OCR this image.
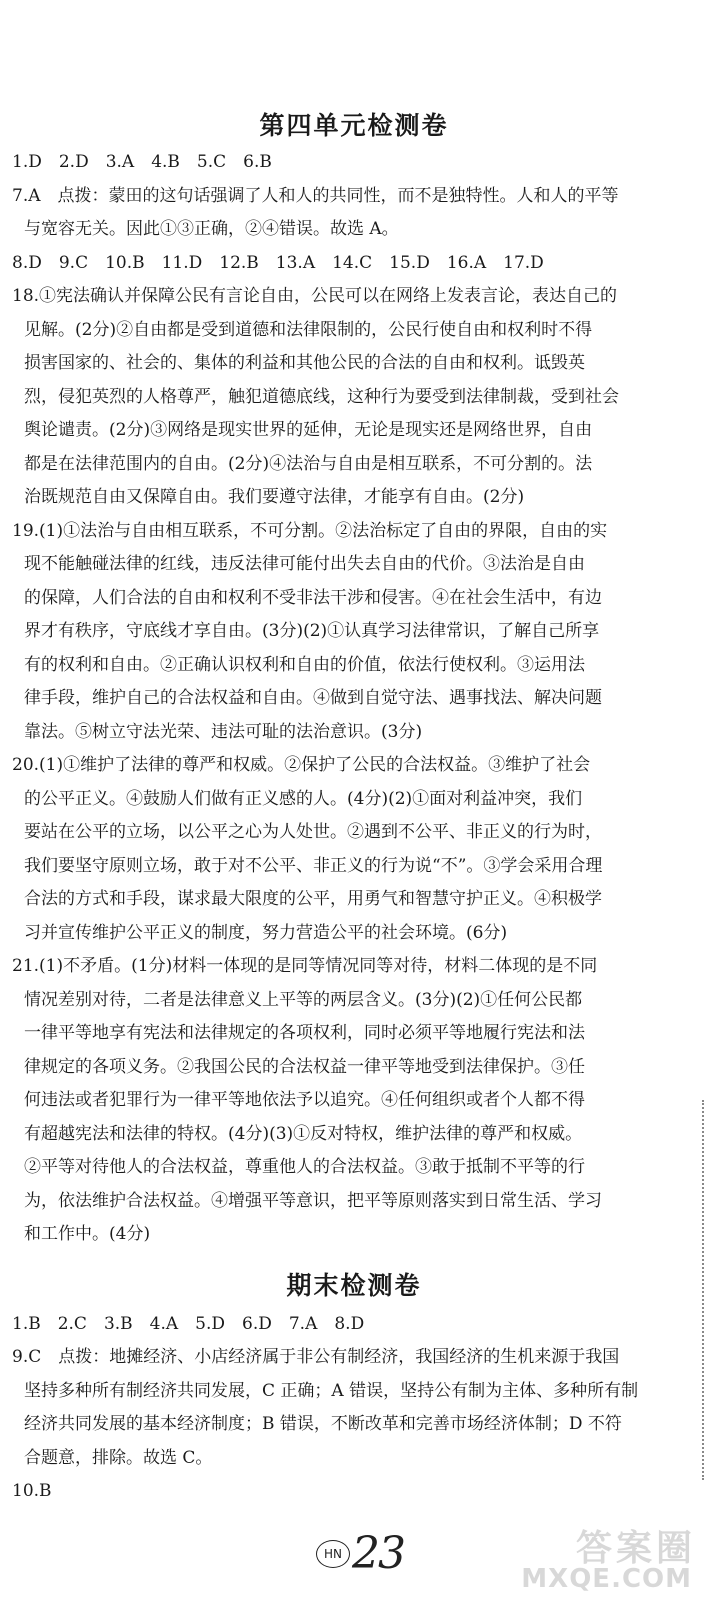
第四单元检测卷
1.D　2.D　3.A　4.B　5.C　6.B
7.A　点拨：蒙田的这句话强调了人和人的共同性，而不是独特性。人和人的平等
与宽容无关。因此①③正确，②④错误。故选 A。
8.D　9.C　10.B　11.D　12.B　13.A　14.C　15.D　16.A　17.D
18.①宪法确认并保障公民有言论自由，公民可以在网络上发表言论，表达自己的
见解。(2分)②自由都是受到道德和法律限制的，公民行使自由和权利时不得
损害国家的、社会的、集体的利益和其他公民的合法的自由和权利。诋毁英
烈，侵犯英烈的人格尊严，触犯道德底线，这种行为要受到法律制裁，受到社会
舆论谴责。(2分)③网络是现实世界的延伸，无论是现实还是网络世界，自由
都是在法律范围内的自由。(2分)④法治与自由是相互联系，不可分割的。法
治既规范自由又保障自由。我们要遵守法律，才能享有自由。(2分)
19.(1)①法治与自由相互联系，不可分割。②法治标定了自由的界限，自由的实
现不能触碰法律的红线，违反法律可能付出失去自由的代价。③法治是自由
的保障，人们合法的自由和权利不受非法干涉和侵害。④在社会生活中，有边
界才有秩序，守底线才享自由。(3分)(2)①认真学习法律常识，了解自己所享
有的权利和自由。②正确认识权利和自由的价值，依法行使权利。③运用法
律手段，维护自己的合法权益和自由。④做到自觉守法、遇事找法、解决问题
靠法。⑤树立守法光荣、违法可耻的法治意识。(3分)
20.(1)①维护了法律的尊严和权威。②保护了公民的合法权益。③维护了社会
的公平正义。④鼓励人们做有正义感的人。(4分)(2)①面对利益冲突，我们
要站在公平的立场，以公平之心为人处世。②遇到不公平、非正义的行为时，
我们要坚守原则立场，敢于对不公平、非正义的行为说“不”。③学会采用合理
合法的方式和手段，谋求最大限度的公平，用勇气和智慧守护正义。④积极学
习并宣传维护公平正义的制度，努力营造公平的社会环境。(6分)
21.(1)不矛盾。(1分)材料一体现的是同等情况同等对待，材料二体现的是不同
情况差别对待，二者是法律意义上平等的两层含义。(3分)(2)①任何公民都
一律平等地享有宪法和法律规定的各项权利，同时必须平等地履行宪法和法
律规定的各项义务。②我国公民的合法权益一律平等地受到法律保护。③任
何违法或者犯罪行为一律平等地依法予以追究。④任何组织或者个人都不得
有超越宪法和法律的特权。(4分)(3)①反对特权，维护法律的尊严和权威。
②平等对待他人的合法权益，尊重他人的合法权益。③敢于抵制不平等的行
为，依法维护合法权益。④增强平等意识，把平等原则落实到日常生活、学习
和工作中。(4分)
期末检测卷
1.B　2.C　3.B　4.A　5.D　6.D　7.A　8.D
9.C　点拨：地摊经济、小店经济属于非公有制经济，我国经济的生机来源于我国
坚持多种所有制经济共同发展，C 正确；A 错误，坚持公有制为主体、多种所有制
经济共同发展的基本经济制度；B 错误，不断改革和完善市场经济体制；D 不符
合题意，排除。故选 C。
10.B
HN 23	答案圈
MXQE.COM
